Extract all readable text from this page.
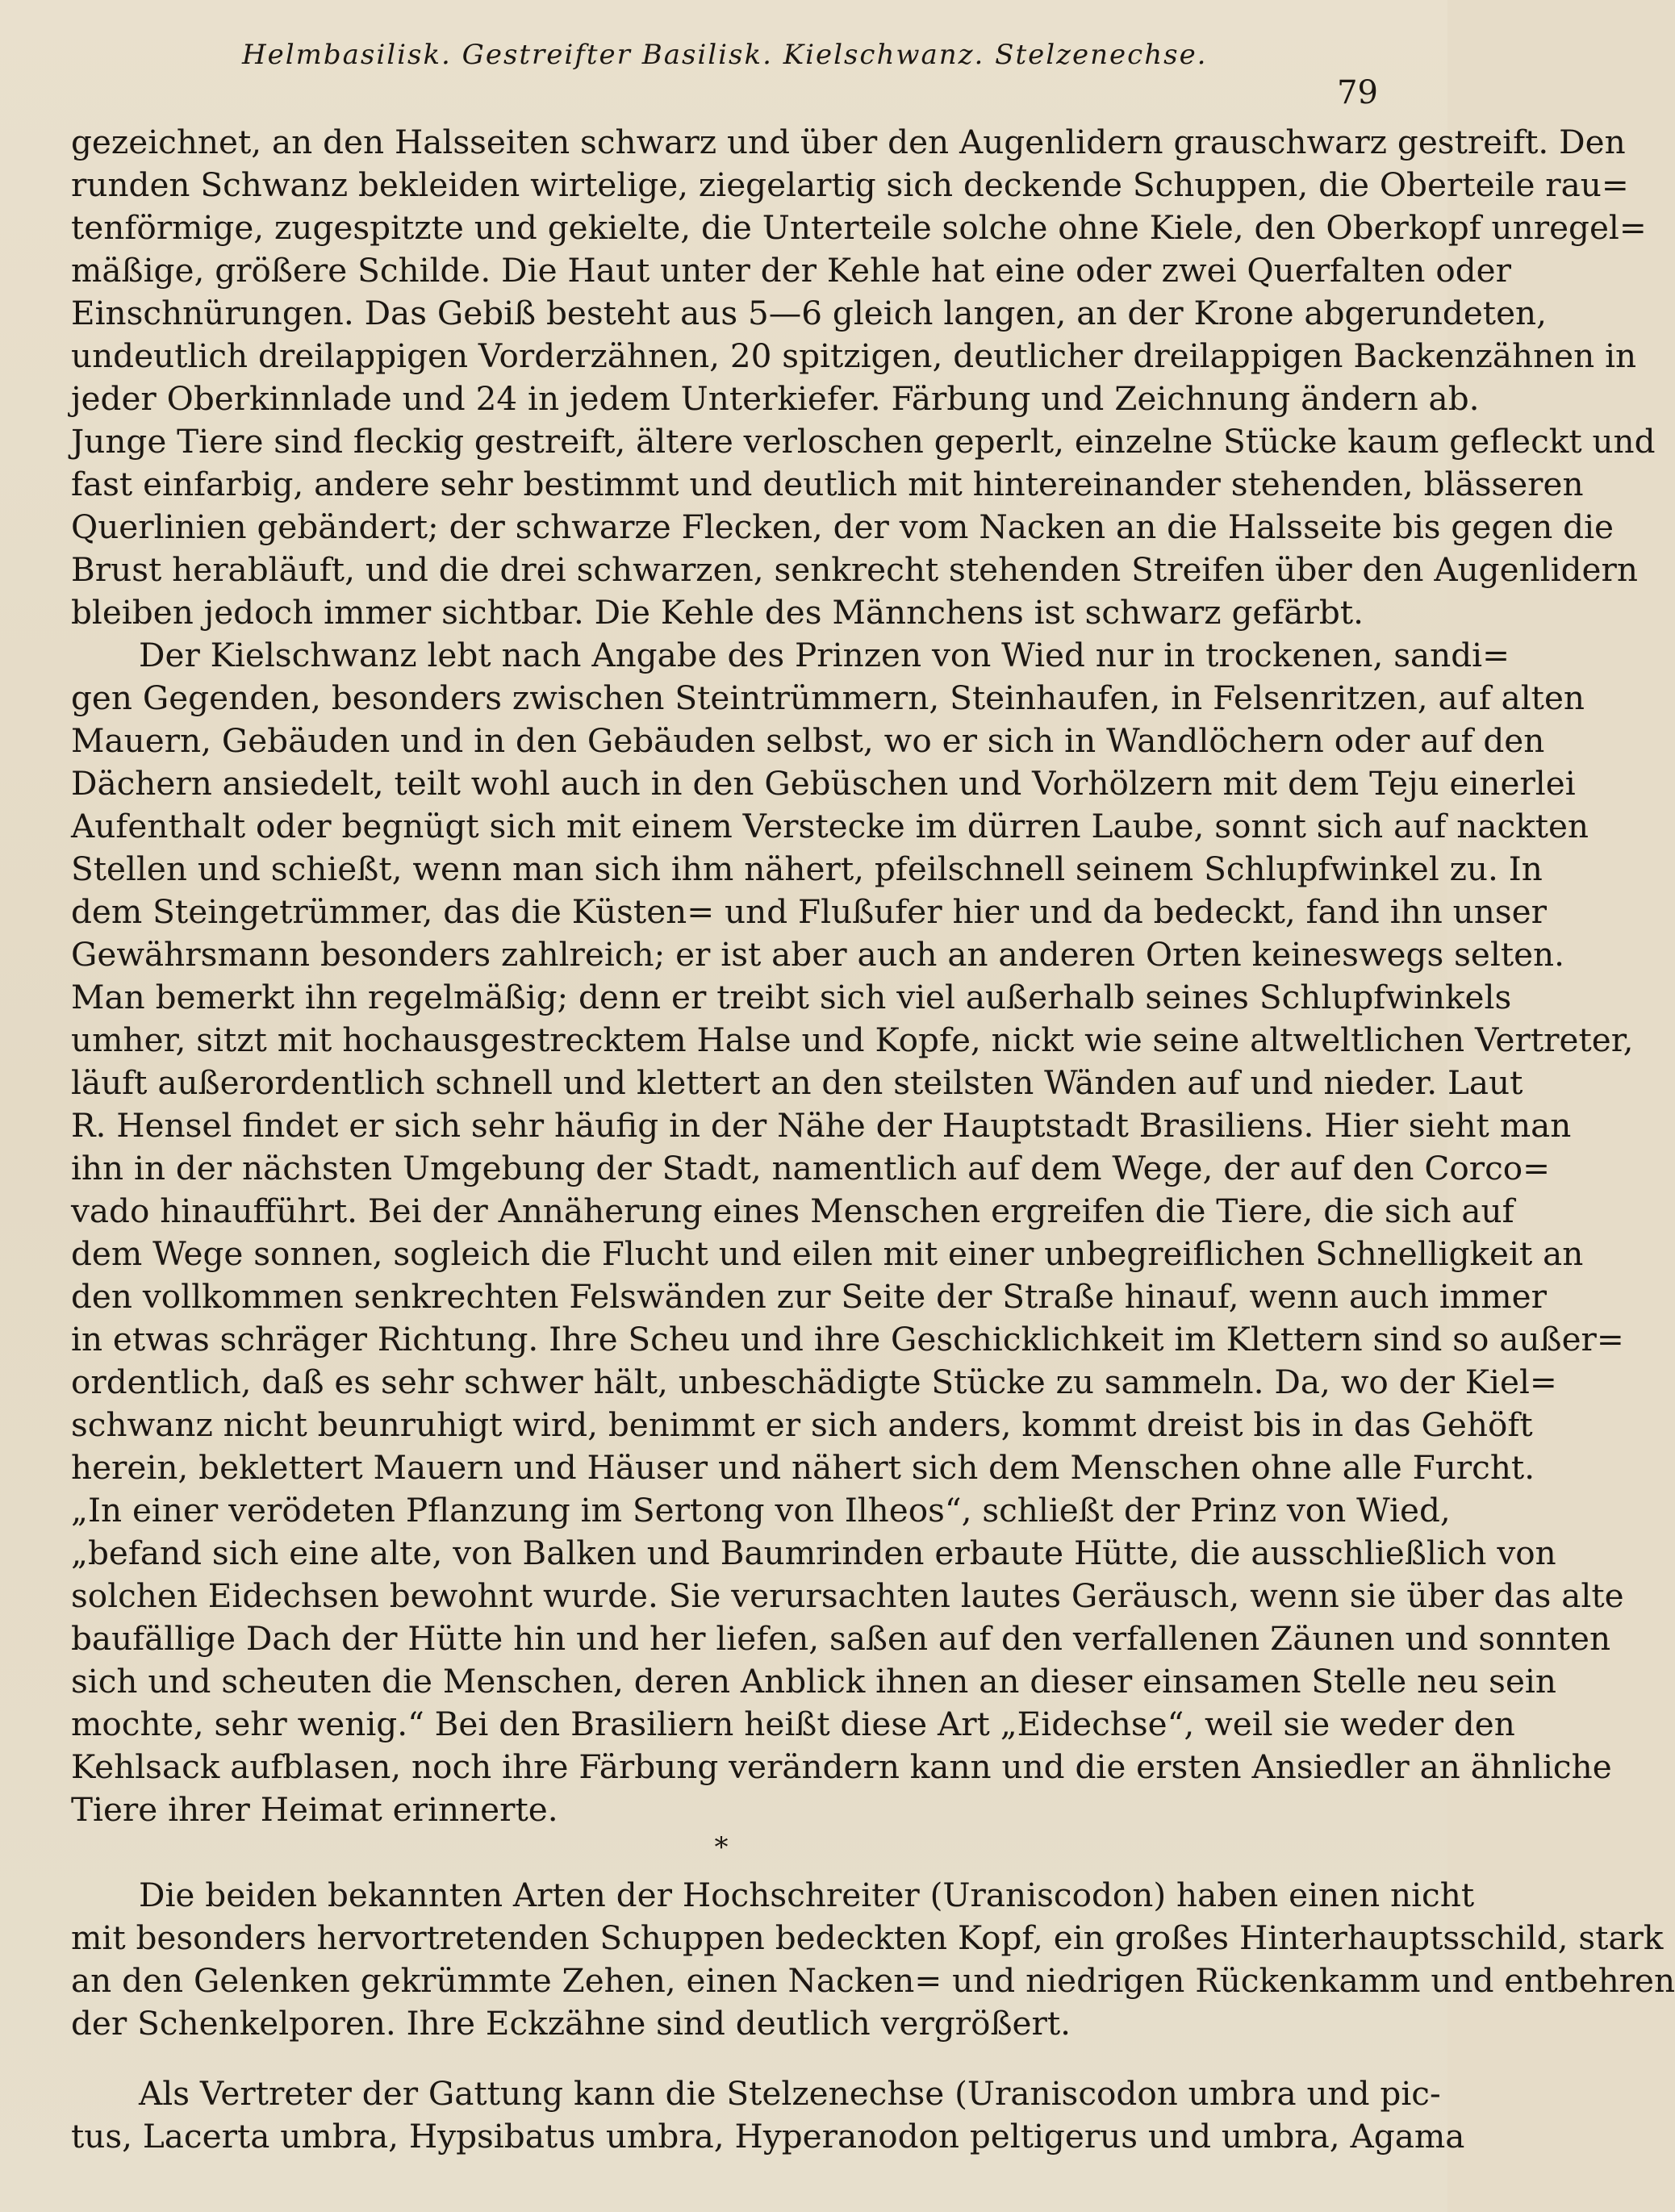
Helmbasilisk. Gestreifter Basilisk. Kielschwanz. Stelzenechse.
79
gezeichnet, an den Halsseiten schwarz und über den Augenlidern grauschwarz gestreift. Den
runden Schwanz bekleiden wirtelige, ziegelartig sich deckende Schuppen, die Oberteile rau=
tenförmige, zugespitzte und gekielte, die Unterteile solche ohne Kiele, den Oberkopf unregel=
mäßige, größere Schilde. Die Haut unter der Kehle hat eine oder zwei Querfalten oder
Einschnürungen. Das Gebiß besteht aus 5—6 gleich langen, an der Krone abgerundeten,
undeutlich dreilappigen Vorderzähnen, 20 spitzigen, deutlicher dreilappigen Backenzähnen in
jeder Oberkinnlade und 24 in jedem Unterkiefer. Färbung und Zeichnung ändern ab.
Junge Tiere sind fleckig gestreift, ältere verloschen geperlt, einzelne Stücke kaum gefleckt und
fast einfarbig, andere sehr bestimmt und deutlich mit hintereinander stehenden, blässeren
Querlinien gebändert; der schwarze Flecken, der vom Nacken an die Halsseite bis gegen die
Brust herabläuft, und die drei schwarzen, senkrecht stehenden Streifen über den Augenlidern
bleiben jedoch immer sichtbar. Die Kehle des Männchens ist schwarz gefärbt.
Der Kielschwanz lebt nach Angabe des Prinzen von Wied nur in trockenen, sandi=
gen Gegenden, besonders zwischen Steintrümmern, Steinhaufen, in Felsenritzen, auf alten
Mauern, Gebäuden und in den Gebäuden selbst, wo er sich in Wandlöchern oder auf den
Dächern ansiedelt, teilt wohl auch in den Gebüschen und Vorhölzern mit dem Teju einerlei
Aufenthalt oder begnügt sich mit einem Verstecke im dürren Laube, sonnt sich auf nackten
Stellen und schießt, wenn man sich ihm nähert, pfeilschnell seinem Schlupfwinkel zu. In
dem Steingetrümmer, das die Küsten= und Flußufer hier und da bedeckt, fand ihn unser
Gewährsmann besonders zahlreich; er ist aber auch an anderen Orten keineswegs selten.
Man bemerkt ihn regelmäßig; denn er treibt sich viel außerhalb seines Schlupfwinkels
umher, sitzt mit hochausgestrecktem Halse und Kopfe, nickt wie seine altweltlichen Vertreter,
läuft außerordentlich schnell und klettert an den steilsten Wänden auf und nieder. Laut
R. Hensel findet er sich sehr häufig in der Nähe der Hauptstadt Brasiliens. Hier sieht man
ihn in der nächsten Umgebung der Stadt, namentlich auf dem Wege, der auf den Corco=
vado hinaufführt. Bei der Annäherung eines Menschen ergreifen die Tiere, die sich auf
dem Wege sonnen, sogleich die Flucht und eilen mit einer unbegreiflichen Schnelligkeit an
den vollkommen senkrechten Felswänden zur Seite der Straße hinauf, wenn auch immer
in etwas schräger Richtung. Ihre Scheu und ihre Geschicklichkeit im Klettern sind so außer=
ordentlich, daß es sehr schwer hält, unbeschädigte Stücke zu sammeln. Da, wo der Kiel=
schwanz nicht beunruhigt wird, benimmt er sich anders, kommt dreist bis in das Gehöft
herein, beklettert Mauern und Häuser und nähert sich dem Menschen ohne alle Furcht.
„In einer verödeten Pflanzung im Sertong von Ilheos“, schließt der Prinz von Wied,
„befand sich eine alte, von Balken und Baumrinden erbaute Hütte, die ausschließlich von
solchen Eidechsen bewohnt wurde. Sie verursachten lautes Geräusch, wenn sie über das alte
baufällige Dach der Hütte hin und her liefen, saßen auf den verfallenen Zäunen und sonnten
sich und scheuten die Menschen, deren Anblick ihnen an dieser einsamen Stelle neu sein
mochte, sehr wenig.“ Bei den Brasiliern heißt diese Art „Eidechse“, weil sie weder den
Kehlsack aufblasen, noch ihre Färbung verändern kann und die ersten Ansiedler an ähnliche
Tiere ihrer Heimat erinnerte.
*
Die beiden bekannten Arten der Hochschreiter (Uraniscodon) haben einen nicht
mit besonders hervortretenden Schuppen bedeckten Kopf, ein großes Hinterhauptsschild, stark
an den Gelenken gekrümmte Zehen, einen Nacken= und niedrigen Rückenkamm und entbehren
der Schenkelporen. Ihre Eckzähne sind deutlich vergrößert.
Als Vertreter der Gattung kann die Stelzenechse (Uraniscodon umbra und pic-
tus, Lacerta umbra, Hypsibatus umbra, Hyperanodon peltigerus und umbra, Agama
